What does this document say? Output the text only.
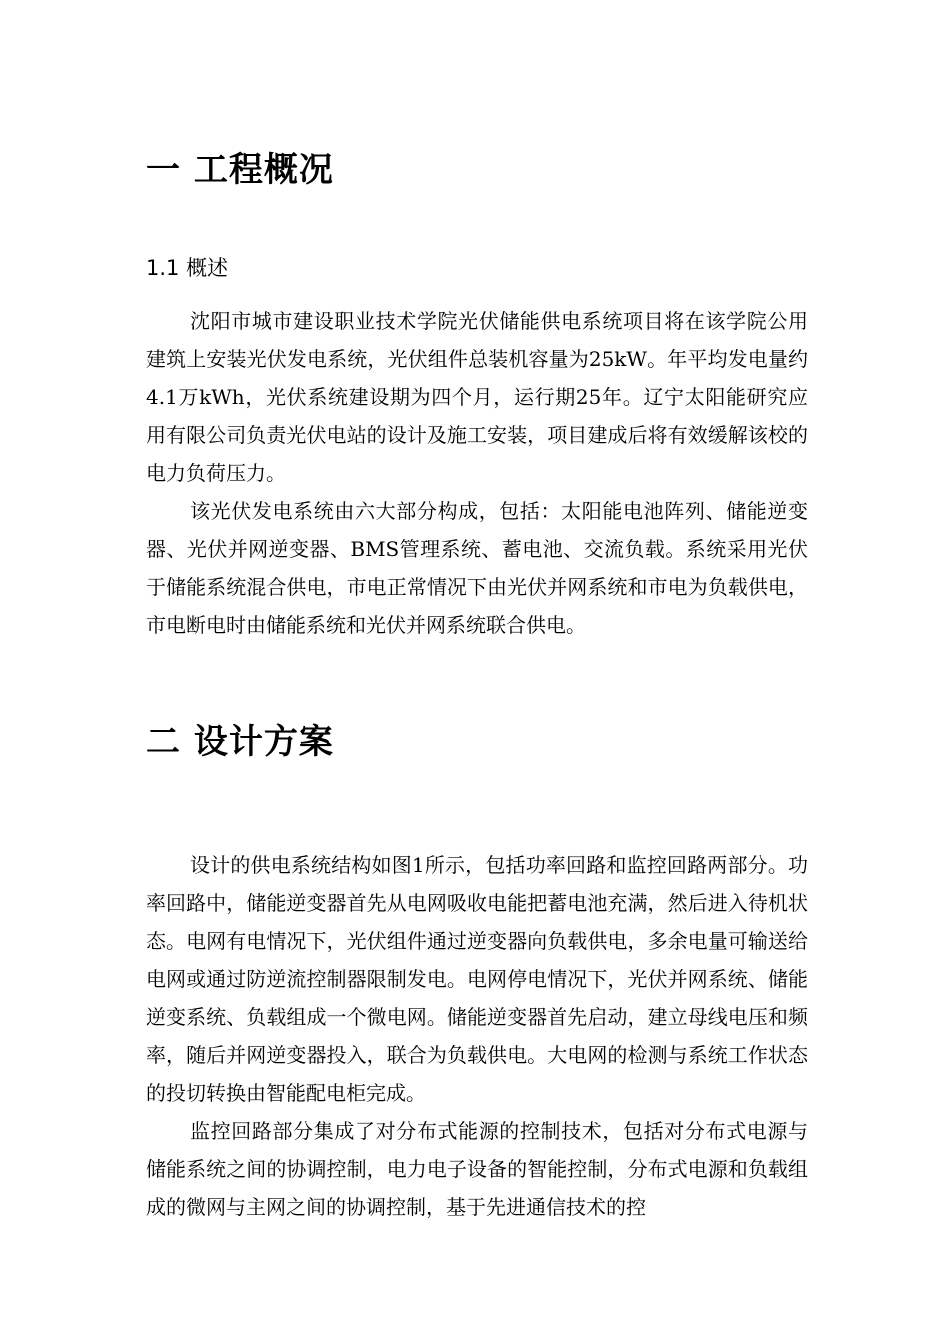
一 工程概况
1.1 概述

沈阳市城市建设职业技术学院光伏储能供电系统项目将在该学院公用建筑上安装光伏发电系统，光伏组件总装机容量为25kW。年平均发电量约4.1万kWh，光伏系统建设期为四个月，运行期25年。辽宁太阳能研究应用有限公司负责光伏电站的设计及施工安装，项目建成后将有效缓解该校的电力负荷压力。

该光伏发电系统由六大部分构成，包括：太阳能电池阵列、储能逆变器、光伏并网逆变器、BMS管理系统、蓄电池、交流负载。系统采用光伏于储能系统混合供电，市电正常情况下由光伏并网系统和市电为负载供电，市电断电时由储能系统和光伏并网系统联合供电。

二 设计方案

设计的供电系统结构如图1所示，包括功率回路和监控回路两部分。功率回路中，储能逆变器首先从电网吸收电能把蓄电池充满，然后进入待机状态。电网有电情况下，光伏组件通过逆变器向负载供电，多余电量可输送给电网或通过防逆流控制器限制发电。电网停电情况下，光伏并网系统、储能逆变系统、负载组成一个微电网。储能逆变器首先启动，建立母线电压和频率，随后并网逆变器投入，联合为负载供电。大电网的检测与系统工作状态的投切转换由智能配电柜完成。

监控回路部分集成了对分布式能源的控制技术，包括对分布式电源与储能系统之间的协调控制，电力电子设备的智能控制，分布式电源和负载组成的微网与主网之间的协调控制，基于先进通信技术的控
